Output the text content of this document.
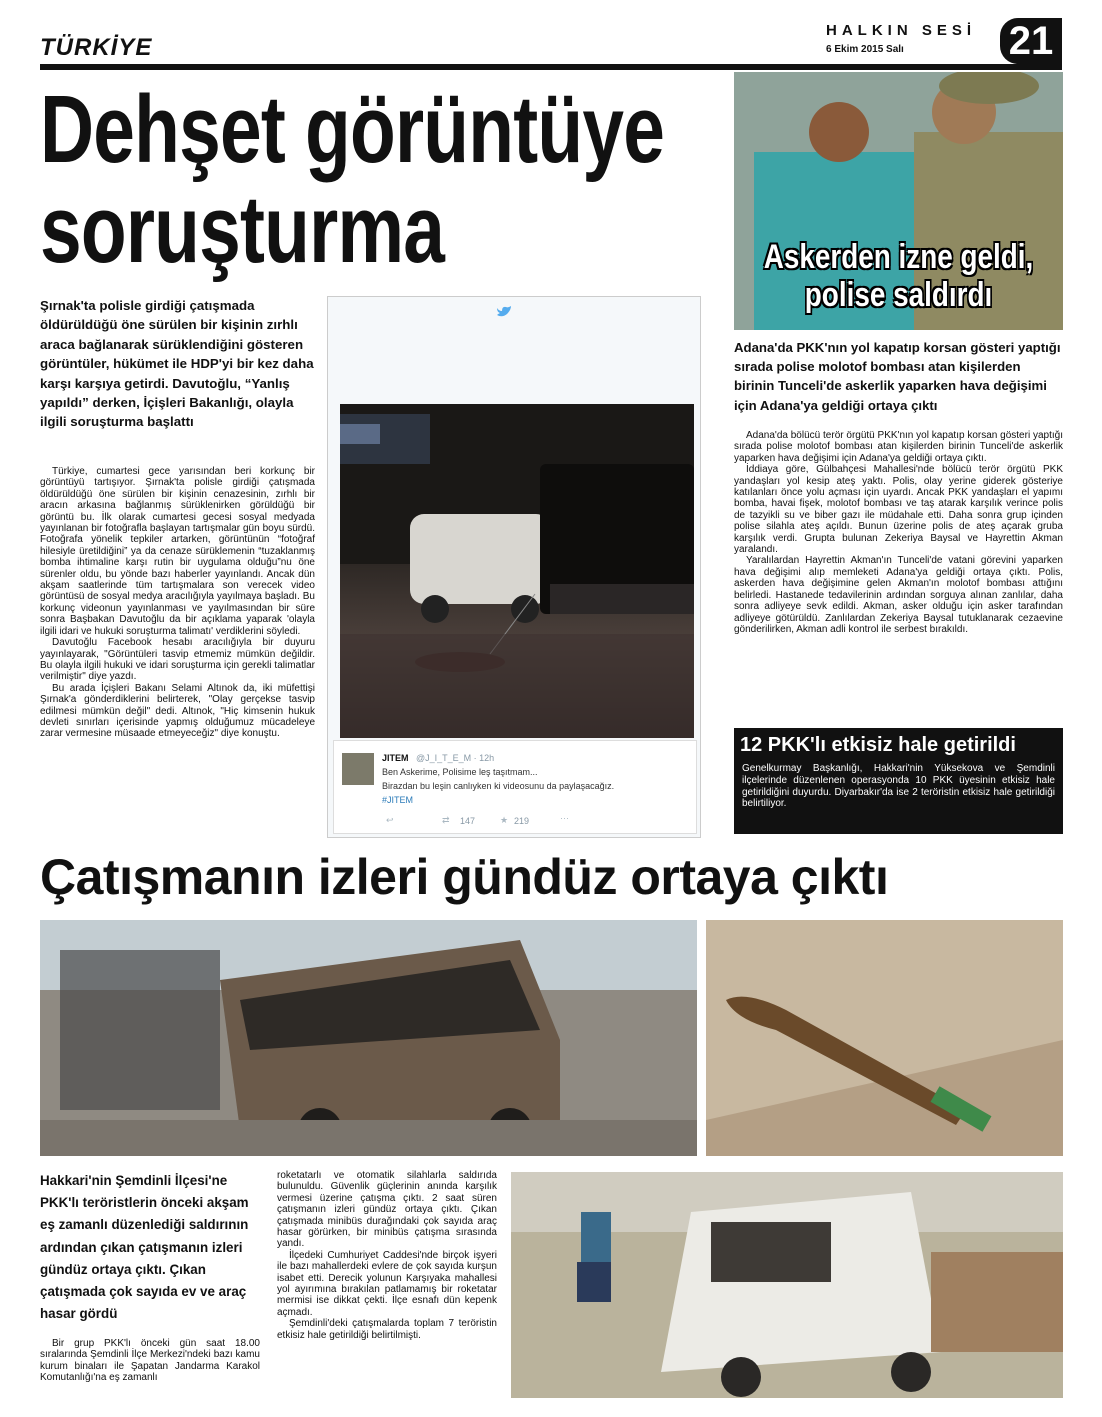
TÜRKİYE
HALKIN SESİ
6 Ekim 2015 Salı	21
Dehşet görüntüye
soruşturma
Şırnak'ta polisle girdiği çatışmada öldürüldüğü öne sürülen bir kişinin zırhlı araca bağlanarak sürüklendiğini gösteren görüntüler, hükümet ile HDP'yi bir kez daha karşı karşıya getirdi. Davutoğlu, “Yanlış yapıldı” derken, İçişleri Bakanlığı, olayla ilgili soruşturma başlattı

Türkiye, cumartesi gece yarısından beri korkunç bir görüntüyü tartışıyor. Şırnak'ta polisle girdiği çatışmada öldürüldüğü öne sürülen bir kişinin cenazesinin, zırhlı bir aracın arkasına bağlanmış sürüklenirken görüldüğü bir görüntü bu. İlk olarak cumartesi gecesi sosyal medyada yayınlanan bir fotoğrafla başlayan tartışmalar gün boyu sürdü. Fotoğrafa yönelik tepkiler artarken, görüntünün “fotoğraf hilesiyle üretildiğini” ya da cenaze sürüklemenin “tuzaklanmış bomba ihtimaline karşı rutin bir uygulama olduğu”nu öne sürenler oldu, bu yönde bazı haberler yayınlandı. Ancak dün akşam saatlerinde tüm tartışmalara son verecek video görüntüsü de sosyal medya aracılığıyla yayılmaya başladı. Bu korkunç videonun yayınlanması ve yayılmasından bir süre sonra Başbakan Davutoğlu da bir açıklama yaparak 'olayla ilgili idari ve hukuki soruşturma talimatı' verdiklerini söyledi.

Davutoğlu Facebook hesabı aracılığıyla bir duyuru yayınlayarak, "Görüntüleri tasvip etmemiz mümkün değildir. Bu olayla ilgili hukuki ve idari soruşturma için gerekli talimatlar verilmiştir" diye yazdı.

Bu arada İçişleri Bakanı Selami Altınok da, iki müfettişi Şırnak'a gönderdiklerini belirterek, "Olay gerçekse tasvip edilmesi mümkün değil" dedi. Altınok, "Hiç kimsenin hukuk devleti sınırları içerisinde yapmış olduğumuz mücadeleye zarar vermesine müsaade etmeyeceğiz" diye konuştu.

JITEM @J_I_T_E_M · 12h
Ben Askerime, Polisime leş taşıtmam...
Birazdan bu leşin canlıyken ki videosunu da paylaşacağız.
#JITEM
↩	⇄ 147	★ 219	···
Askerden izne geldi,
polise saldırdı
Adana'da PKK'nın yol kapatıp korsan gösteri yaptığı sırada polise molotof bombası atan kişilerden birinin Tunceli'de askerlik yaparken hava değişimi için Adana'ya geldiği ortaya çıktı

Adana'da bölücü terör örgütü PKK'nın yol kapatıp korsan gösteri yaptığı sırada polise molotof bombası atan kişilerden birinin Tunceli'de askerlik yaparken hava değişimi için Adana'ya geldiği ortaya çıktı.

İddiaya göre, Gülbahçesi Mahallesi'nde bölücü terör örgütü PKK yandaşları yol kesip ateş yaktı. Polis, olay yerine giderek gösteriye katılanları önce yolu açması için uyardı. Ancak PKK yandaşları el yapımı bomba, havai fişek, molotof bombası ve taş atarak karşılık verince polis de tazyikli su ve biber gazı ile müdahale etti. Daha sonra grup içinden polise silahla ateş açıldı. Bunun üzerine polis de ateş açarak gruba karşılık verdi. Grupta bulunan Zekeriya Baysal ve Hayrettin Akman yaralandı.

Yaralılardan Hayrettin Akman'ın Tunceli'de vatani görevini yaparken hava değişimi alıp memleketi Adana'ya geldiği ortaya çıktı. Polis, askerden hava değişimine gelen Akman'ın molotof bombası attığını belirledi. Hastanede tedavilerinin ardından sorguya alınan zanlılar, daha sonra adliyeye sevk edildi. Akman, asker olduğu için asker tarafından adliyeye götürüldü. Zanlılardan Zekeriya Baysal tutuklanarak cezaevine gönderilirken, Akman adli kontrol ile serbest bırakıldı.

12 PKK'lı etkisiz hale getirildi
Genelkurmay Başkanlığı, Hakkari'nin Yüksekova ve Şemdinli ilçelerinde düzenlenen operasyonda 10 PKK üyesinin etkisiz hale getirildiğini duyurdu. Diyarbakır'da ise 2 teröristin etkisiz hale getirildiği belirtiliyor.
Çatışmanın izleri gündüz ortaya çıktı
Hakkari'nin Şemdinli İlçesi'ne PKK'lı teröristlerin önceki akşam eş zamanlı düzenlediği saldırının ardından çıkan çatışmanın izleri gündüz ortaya çıktı. Çıkan çatışmada çok sayıda ev ve araç hasar gördü

Bir grup PKK'lı önceki gün saat 18.00 sıralarında Şemdinli İlçe Merkezi'ndeki bazı kamu kurum binaları ile Şapatan Jandarma Karakol Komutanlığı'na eş zamanlı

roketatarlı ve otomatik silahlarla saldırıda bulunuldu. Güvenlik güçlerinin anında karşılık vermesi üzerine çatışma çıktı. 2 saat süren çatışmanın izleri gündüz ortaya çıktı. Çıkan çatışmada minibüs durağındaki çok sayıda araç hasar görürken, bir minibüs çatışma sırasında yandı.

İlçedeki Cumhuriyet Caddesi'nde birçok işyeri ile bazı mahallerdeki evlere de çok sayıda kurşun isabet etti. Derecik yolunun Karşıyaka mahallesi yol ayırımına bırakılan patlamamış bir roketatar mermisi ise dikkat çekti. İlçe esnafı dün kepenk açmadı.

Şemdinli'deki çatışmalarda toplam 7 teröristin etkisiz hale getirildiği belirtilmişti.
